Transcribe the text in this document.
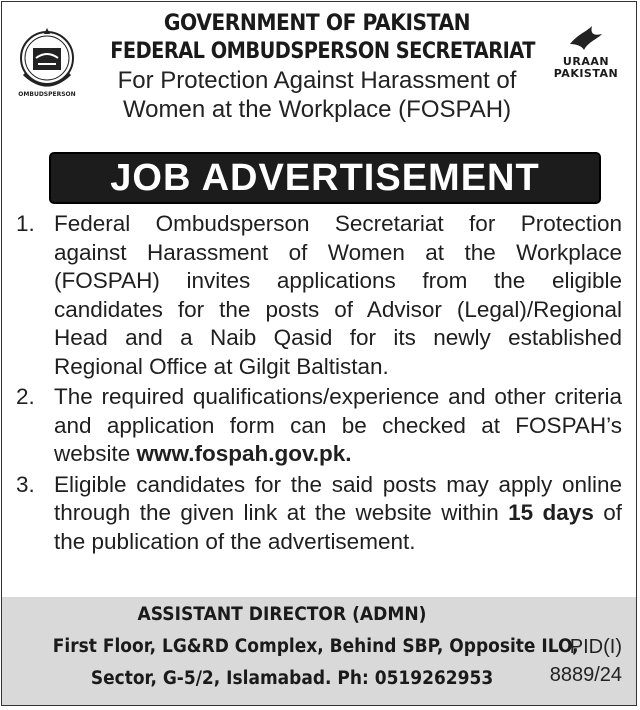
OMBUDSPERSON
GOVERNMENT OF PAKISTAN
FEDERAL OMBUDSPERSON SECRETARIAT
For Protection Against Harassment of
Women at the Workplace (FOSPAH)
URAAN
PAKISTAN
JOB ADVERTISEMENT
1. Federal Ombudsperson Secretariat for Protection against Harassment of Women at the Workplace (FOSPAH) invites applications from the eligible candidates for the posts of Advisor (Legal)/Regional Head and a Naib Qasid for its newly established Regional Office at Gilgit Baltistan.
2. The required qualifications/experience and other criteria and application form can be checked at FOSPAH’s website www.fospah.gov.pk.
3. Eligible candidates for the said posts may apply online through the given link at the website within 15 days of the publication of the advertisement.
ASSISTANT DIRECTOR (ADMN)
First Floor, LG&RD Complex, Behind SBP, Opposite ILO,
Sector, G-5/2, Islamabad. Ph: 0519262953
PID(I)
8889/24
